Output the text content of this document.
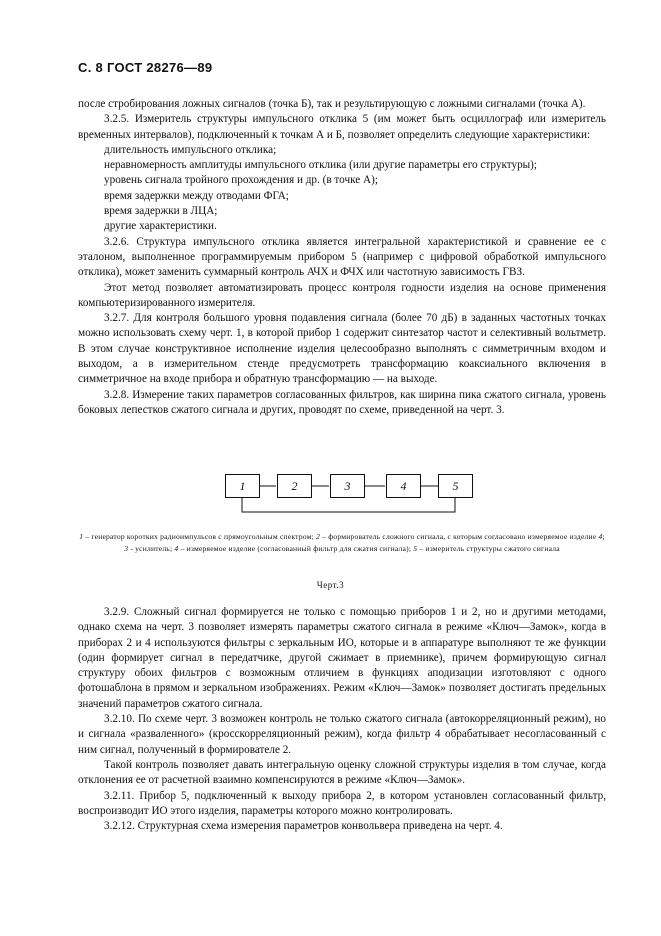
С. 8 ГОСТ 28276—89

после стробирования ложных сигналов (точка Б), так и результирующую с ложными сигналами (точка А).

3.2.5. Измеритель структуры импульсного отклика 5 (им может быть осциллограф или измеритель временных интервалов), подключенный к точкам А и Б, позволяет определить следующие характеристики:

длительность импульсного отклика;

неравномерность амплитуды импульсного отклика (или другие параметры его структуры);

уровень сигнала тройного прохождения и др. (в точке А);

время задержки между отводами ФГА;

время задержки в ЛЦА;

другие характеристики.

3.2.6. Структура импульсного отклика является интегральной характеристикой и сравнение ее с эталоном, выполненное программируемым прибором 5 (например с цифровой обработкой импульсного отклика), может заменить суммарный контроль АЧХ и ФЧХ или частотную зависимость ГВЗ.

Этот метод позволяет автоматизировать процесс контроля годности изделия на основе применения компьютеризированного измерителя.

3.2.7. Для контроля большого уровня подавления сигнала (более 70 дБ) в заданных частотных точках можно использовать схему черт. 1, в которой прибор 1 содержит синтезатор частот и селективный вольтметр. В этом случае конструктивное исполнение изделия целесообразно выполнять с симметричным входом и выходом, а в измерительном стенде предусмотреть трансформацию коаксиального включения в симметричное на входе прибора и обратную трансформацию — на выходе.

3.2.8. Измерение таких параметров согласованных фильтров, как ширина пика сжатого сигнала, уровень боковых лепестков сжатого сигнала и других, проводят по схеме, приведенной на черт. 3.

1	2	3	4	5
1 – генератор коротких радиоимпульсов с прямоугольным спектром; 2 – формирователь сложного сигнала, с которым согласовано измеряемое изделие 4; 3 - усилитель; 4 – измеряемое изделие (согласованный фильтр для сжатия сигнала); 5 – измеритель структуры сжатого сигнала
Черт.3

3.2.9. Сложный сигнал формируется не только с помощью приборов 1 и 2, но и другими методами, однако схема на черт. 3 позволяет измерять параметры сжатого сигнала в режиме «Ключ—Замок», когда в приборах 2 и 4 используются фильтры с зеркальным ИО, которые и в аппаратуре выполняют те же функции (один формирует сигнал в передатчике, другой сжимает в приемнике), причем формирующую сигнал структуру обоих фильтров с возможным отличием в функциях аподизации изготовляют с одного фотошаблона в прямом и зеркальном изображениях. Режим «Ключ—Замок» позволяет достигать предельных значений параметров сжатого сигнала.

3.2.10. По схеме черт. 3 возможен контроль не только сжатого сигнала (автокорреляционный режим), но и сигнала «разваленного» (кросскорреляционный режим), когда фильтр 4 обрабатывает несогласованный с ним сигнал, полученный в формирователе 2.

Такой контроль позволяет давать интегральную оценку сложной структуры изделия в том случае, когда отклонения ее от расчетной взаимно компенсируются в режиме «Ключ—Замок».

3.2.11. Прибор 5, подключенный к выходу прибора 2, в котором установлен согласованный фильтр, воспроизводит ИО этого изделия, параметры которого можно контролировать.

3.2.12. Структурная схема измерения параметров конвольвера приведена на черт. 4.
